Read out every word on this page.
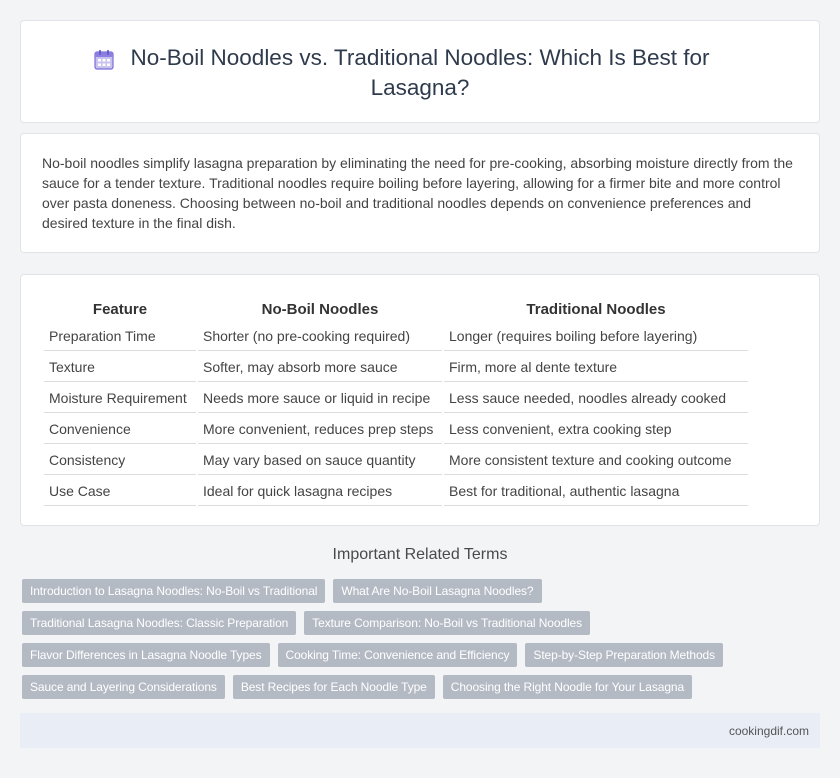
No-Boil Noodles vs. Traditional Noodles: Which Is Best for Lasagna?

No-boil noodles simplify lasagna preparation by eliminating the need for pre-cooking, absorbing moisture directly from the sauce for a tender texture. Traditional noodles require boiling before layering, allowing for a firmer bite and more control over pasta doneness. Choosing between no-boil and traditional noodles depends on convenience preferences and desired texture in the final dish.

Feature	No-Boil Noodles	Traditional Noodles
Preparation Time	Shorter (no pre-cooking required)	Longer (requires boiling before layering)
Texture	Softer, may absorb more sauce	Firm, more al dente texture
Moisture Requirement	Needs more sauce or liquid in recipe	Less sauce needed, noodles already cooked
Convenience	More convenient, reduces prep steps	Less convenient, extra cooking step
Consistency	May vary based on sauce quantity	More consistent texture and cooking outcome
Use Case	Ideal for quick lasagna recipes	Best for traditional, authentic lasagna
Important Related Terms
Introduction to Lasagna Noodles: No-Boil vs Traditional What Are No-Boil Lasagna Noodles?
Traditional Lasagna Noodles: Classic Preparation Texture Comparison: No-Boil vs Traditional Noodles
Flavor Differences in Lasagna Noodle Types Cooking Time: Convenience and Efficiency Step-by-Step Preparation Methods
Sauce and Layering Considerations Best Recipes for Each Noodle Type Choosing the Right Noodle for Your Lasagna
cookingdif.com
